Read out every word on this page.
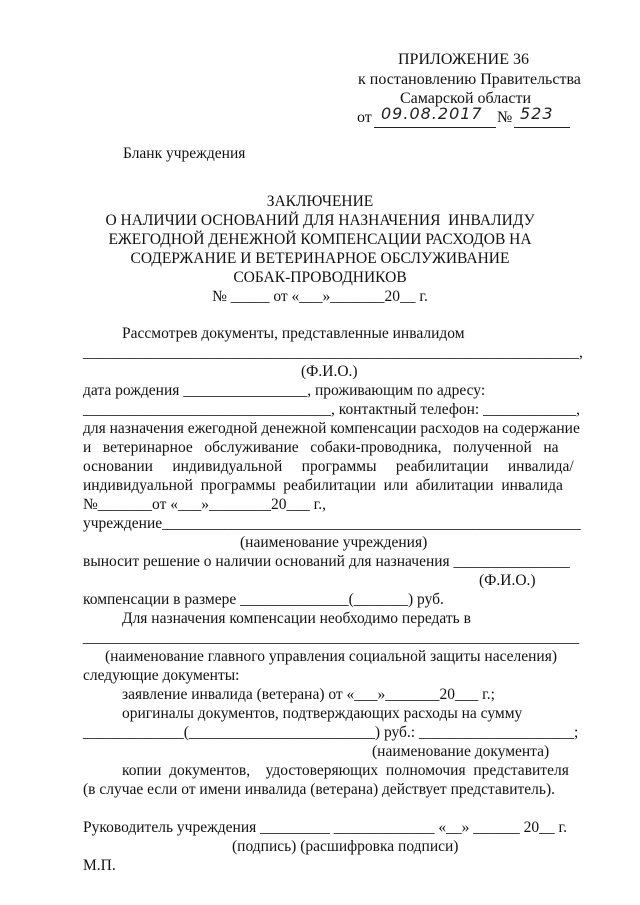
ПРИЛОЖЕНИЕ 36
к постановлению Правительства
Самарской области
от 09.08.2017 № 523
Бланк учреждения
ЗАКЛЮЧЕНИЕ
О НАЛИЧИИ ОСНОВАНИЙ ДЛЯ НАЗНАЧЕНИЯ  ИНВАЛИДУ
ЕЖЕГОДНОЙ ДЕНЕЖНОЙ КОМПЕНСАЦИИ РАСХОДОВ НА
СОДЕРЖАНИЕ И ВЕТЕРИНАРНОЕ ОБСЛУЖИВАНИЕ
СОБАК-ПРОВОДНИКОВ
№ _____ от «___»_______20__ г.
Рассмотрев документы, представленные инвалидом
________________________________________________________________,
(Ф.И.О.)
дата рождения ________________, проживающим по адресу:
________________________________, контактный телефон: ____________,
для назначения ежегодной денежной компенсации расходов на содержание
и   ветеринарное   обслуживание   собаки-проводника,   полученной   на
основании     индивидуальной     программы     реабилитации     инвалида/
индивидуальной  программы  реабилитации  или  абилитации  инвалида
№_______от «___»________20___ г.,
учреждение______________________________________________________
(наименование учреждения)
выносит решение о наличии оснований для назначения _______________
(Ф.И.О.)
компенсации в размере ______________(_______) руб.
Для назначения компенсации необходимо передать в
________________________________________________________________
(наименование главного управления социальной защиты населения)
следующие документы:
заявление инвалида (ветерана) от «___»_______20___ г.;
оригиналы документов, подтверждающих расходы на сумму
_____________(________________________) руб.: ____________________;
(наименование документа)
копии  документов,    удостоверяющих  полномочия  представителя
(в случае если от имени инвалида (ветерана) действует представитель).
Руководитель учреждения _________ _____________ «__» ______ 20__ г.
(подпись) (расшифровка подписи)
М.П.
